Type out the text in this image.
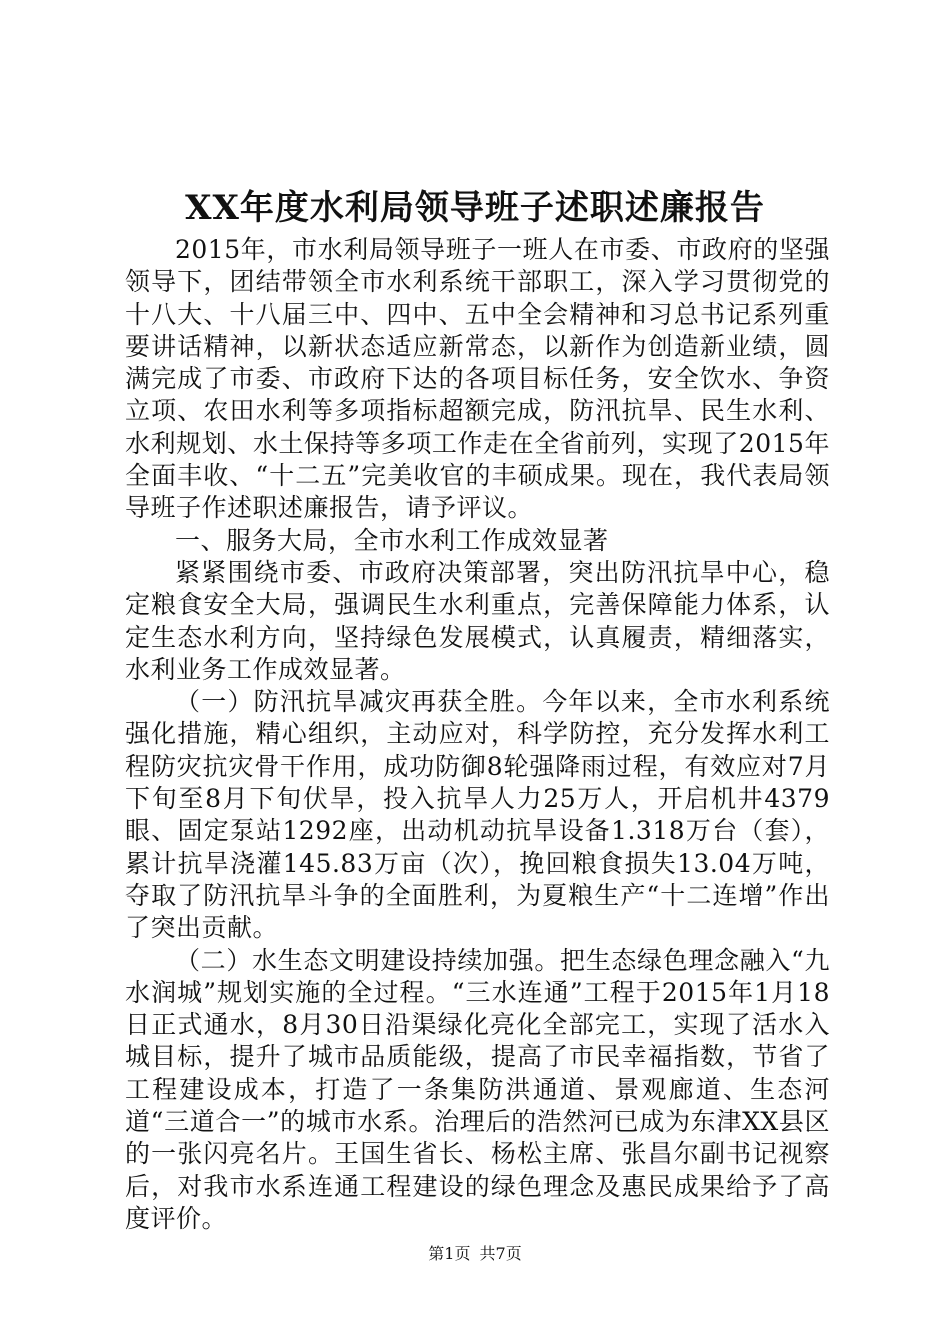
XX年度水利局领导班子述职述廉报告

2015年，市水利局领导班子一班人在市委、市政府的坚强领导下，团结带领全市水利系统干部职工，深入学习贯彻党的十八大、十八届三中、四中、五中全会精神和习总书记系列重要讲话精神，以新状态适应新常态，以新作为创造新业绩，圆满完成了市委、市政府下达的各项目标任务，安全饮水、争资立项、农田水利等多项指标超额完成，防汛抗旱、民生水利、水利规划、水土保持等多项工作走在全省前列，实现了2015年全面丰收、“十二五”完美收官的丰硕成果。现在，我代表局领导班子作述职述廉报告，请予评议。

一、服务大局，全市水利工作成效显著

紧紧围绕市委、市政府决策部署，突出防汛抗旱中心，稳定粮食安全大局，强调民生水利重点，完善保障能力体系，认定生态水利方向，坚持绿色发展模式，认真履责，精细落实，水利业务工作成效显著。

（一）防汛抗旱减灾再获全胜。今年以来，全市水利系统强化措施，精心组织，主动应对，科学防控，充分发挥水利工程防灾抗灾骨干作用，成功防御8轮强降雨过程，有效应对7月下旬至8月下旬伏旱，投入抗旱人力25万人，开启机井4379眼、固定泵站1292座，出动机动抗旱设备1.318万台（套），累计抗旱浇灌145.83万亩（次），挽回粮食损失13.04万吨，夺取了防汛抗旱斗争的全面胜利，为夏粮生产“十二连增”作出了突出贡献。

（二）水生态文明建设持续加强。把生态绿色理念融入“九水润城”规划实施的全过程。“三水连通”工程于2015年1月18日正式通水，8月30日沿渠绿化亮化全部完工，实现了活水入城目标，提升了城市品质能级，提高了市民幸福指数，节省了工程建设成本，打造了一条集防洪通道、景观廊道、生态河道“三道合一”的城市水系。治理后的浩然河已成为东津XX县区的一张闪亮名片。王国生省长、杨松主席、张昌尔副书记视察后，对我市水系连通工程建设的绿色理念及惠民成果给予了高度评价。

第1页 共7页
